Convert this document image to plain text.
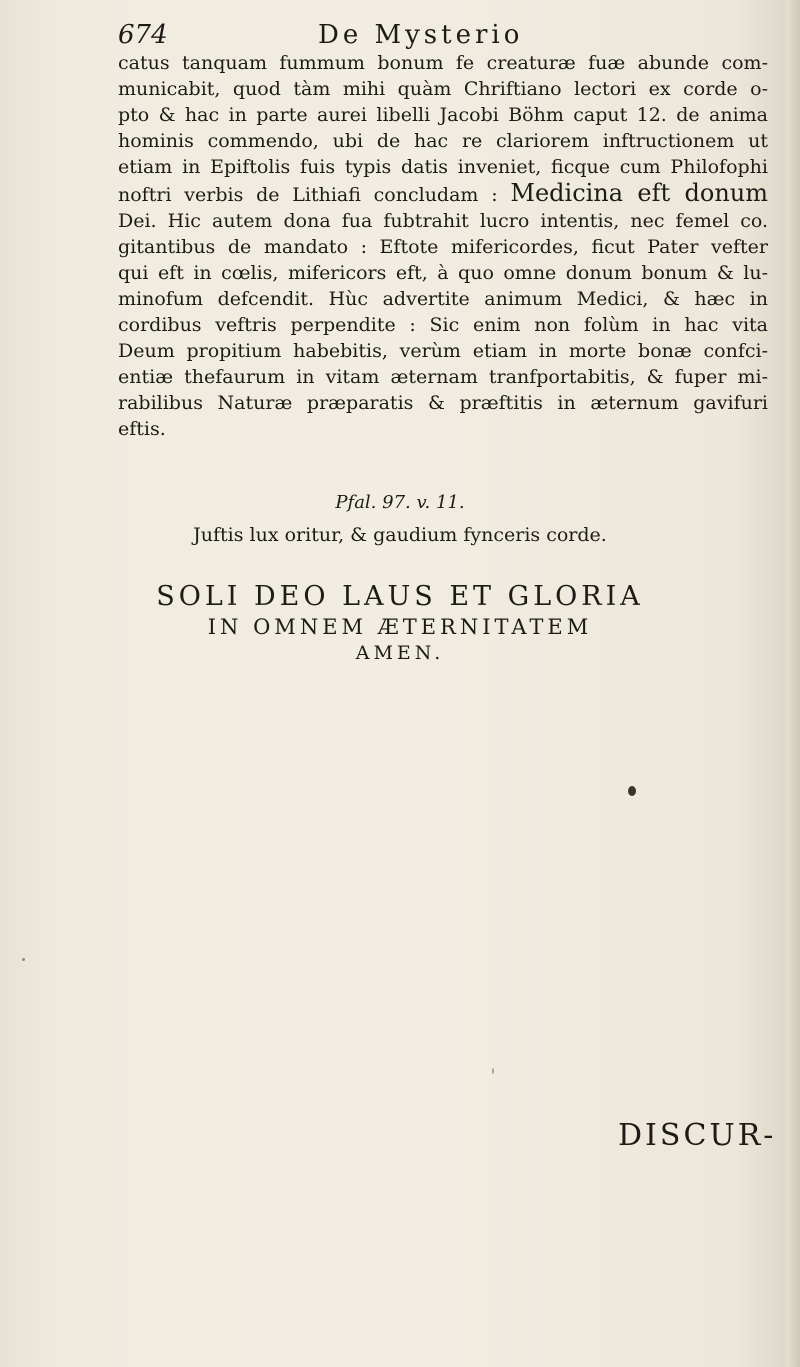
674	De Mysterio
catus tanquam fummum bonum fe creaturæ fuæ abunde com-
municabit, quod tàm mihi quàm Chriftiano lectori ex corde o-
pto & hac in parte aurei libelli Jacobi Böhm caput 12. de anima
hominis commendo, ubi de hac re clariorem inftructionem ut
etiam in Epiftolis fuis typis datis inveniet, ficque cum Philofophi
noftri verbis de Lithiafi concludam : Medicina eft donum
Dei. Hic autem dona fua fubtrahit lucro intentis, nec femel co.
gitantibus de mandato : Eftote mifericordes, ficut Pater vefter
qui eft in cœlis, mifericors eft, à quo omne donum bonum & lu-
minofum defcendit. Hùc advertite animum Medici, & hæc in
cordibus veftris perpendite : Sic enim non folùm in hac vita
Deum propitium habebitis, verùm etiam in morte bonæ confci-
entiæ thefaurum in vitam æternam tranfportabitis, & fuper mi-
rabilibus Naturæ præparatis & præftitis in æternum gavifuri
eftis.
Pfal. 97. v. 11.
Juftis lux oritur, & gaudium fynceris corde.
SOLI DEO LAUS ET GLORIA
IN OMNEM ÆTERNITATEM
AMEN.
DISCUR-
